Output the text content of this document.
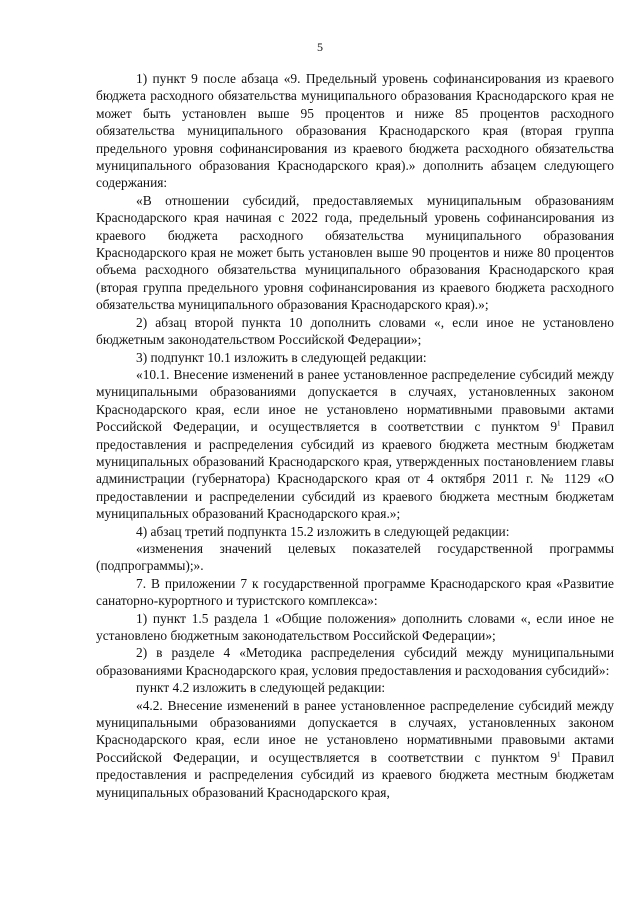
5

1) пункт 9 после абзаца «9. Предельный уровень софинансирования из краевого бюджета расходного обязательства муниципального образования Краснодарского края не может быть установлен выше 95 процентов и ниже 85 процентов расходного обязательства муниципального образования Краснодарского края (вторая группа предельного уровня софинансирования из краевого бюджета расходного обязательства муниципального образования Краснодарского края).» дополнить абзацем следующего содержания:

«В отношении субсидий, предоставляемых муниципальным образованиям Краснодарского края начиная с 2022 года, предельный уровень софинансирования из краевого бюджета расходного обязательства муниципального образования Краснодарского края не может быть установлен выше 90 процентов и ниже 80 процентов объема расходного обязательства муниципального образования Краснодарского края (вторая группа предельного уровня софинансирования из краевого бюджета расходного обязательства муниципального образования Краснодарского края).»;

2) абзац второй пункта 10 дополнить словами «, если иное не установлено бюджетным законодательством Российской Федерации»;

3) подпункт 10.1 изложить в следующей редакции:

«10.1. Внесение изменений в ранее установленное распределение субсидий между муниципальными образованиями допускается в случаях, установленных законом Краснодарского края, если иное не установлено нормативными правовыми актами Российской Федерации, и осуществляется в соответствии с пунктом $9^1$ Правил предоставления и распределения субсидий из краевого бюджета местным бюджетам муниципальных образований Краснодарского края, утвержденных постановлением главы администрации (губернатора) Краснодарского края от 4 октября 2011 г. № 1129 «О предоставлении и распределении субсидий из краевого бюджета местным бюджетам муниципальных образований Краснодарского края.»;

4) абзац третий подпункта 15.2 изложить в следующей редакции:

«изменения значений целевых показателей государственной программы (подпрограммы);».

7. В приложении 7 к государственной программе Краснодарского края «Развитие санаторно-курортного и туристского комплекса»:

1) пункт 1.5 раздела 1 «Общие положения» дополнить словами «, если иное не установлено бюджетным законодательством Российской Федерации»;

2) в разделе 4 «Методика распределения субсидий между муниципальными образованиями Краснодарского края, условия предоставления и расходования субсидий»:

пункт 4.2 изложить в следующей редакции:

«4.2. Внесение изменений в ранее установленное распределение субсидий между муниципальными образованиями допускается в случаях, установленных законом Краснодарского края, если иное не установлено нормативными правовыми актами Российской Федерации, и осуществляется в соответствии с пунктом $9^1$ Правил предоставления и распределения субсидий из краевого бюджета местным бюджетам муниципальных образований Краснодарского края,
